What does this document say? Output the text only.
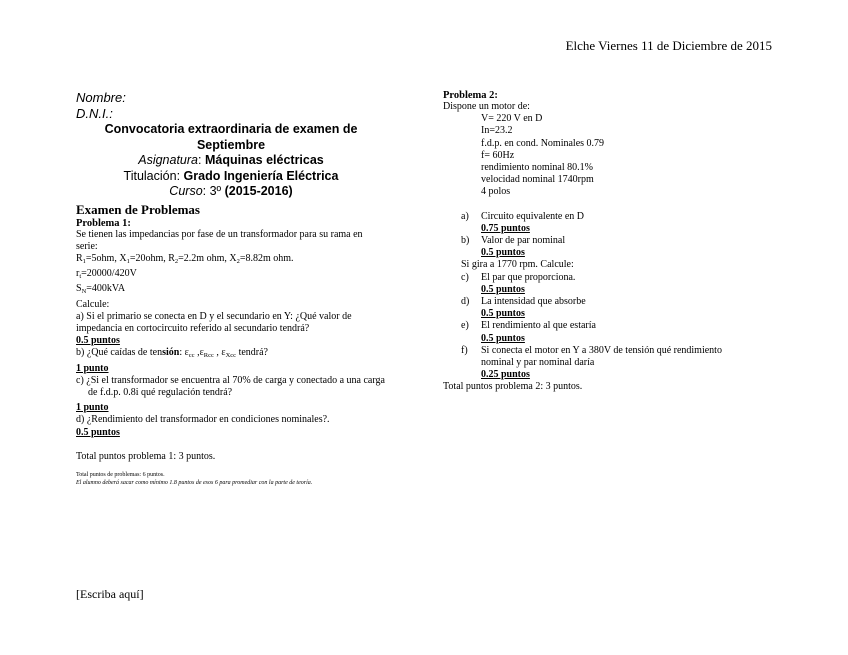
Elche Viernes 11 de Diciembre de 2015
Nombre:
D.N.I.:
Convocatoria extraordinaria de examen de Septiembre
Asignatura: Máquinas eléctricas
Titulación: Grado Ingeniería Eléctrica
Curso: 3º (2015-2016)
Examen de Problemas
Problema 1:
Se tienen las impedancias por fase de un transformador para su rama en serie:
$R_1=5ohm$, $X_1=20ohm$, $R_2=2.2m$ ohm, $X_2=8.82m$ ohm.
$r_t=20000/420V$
$S_N=400kVA$
Calcule:
a) Si el primario se conecta en D y el secundario en Y: ¿Qué valor de impedancia en cortocircuito referido al secundario tendrá?
0.5 puntos
b) ¿Qué caídas de tensión: $\varepsilon_{cc}$ $,\varepsilon_{Rcc}$ , $\varepsilon_{Xcc}$ tendrá?
1 punto
c) ¿Si el transformador se encuentra al 70% de carga y conectado a una carga de f.d.p. 0.8i qué regulación tendrá?
1 punto
d) ¿Rendimiento del transformador en condiciones nominales?.
0.5 puntos
Total puntos problema 1: 3 puntos.
Total puntos de problemas: 6 puntos.
El alumno deberá sacar como mínimo 1.8 puntos de esos 6 para promediar con la parte de teoría.
Problema 2:
Dispone un motor de:
V= 220 V en D
In=23.2
f.d.p. en cond. Nominales 0.79
f= 60Hz
rendimiento nominal 80.1%
velocidad nominal 1740rpm
4 polos
a)	Circuito equivalente en D
0.75 puntos
b)	Valor de par nominal
0.5 puntos
Si gira a 1770 rpm. Calcule:
c)	El par que proporciona.
0.5 puntos
d)	La intensidad que absorbe
0.5 puntos
e)	El rendimiento al que estaría
0.5 puntos
f)	Si conecta el motor en Y a 380V de tensión qué rendimiento nominal y par nominal daría
0.25 puntos
Total puntos problema 2: 3 puntos.
[Escriba aquí]
